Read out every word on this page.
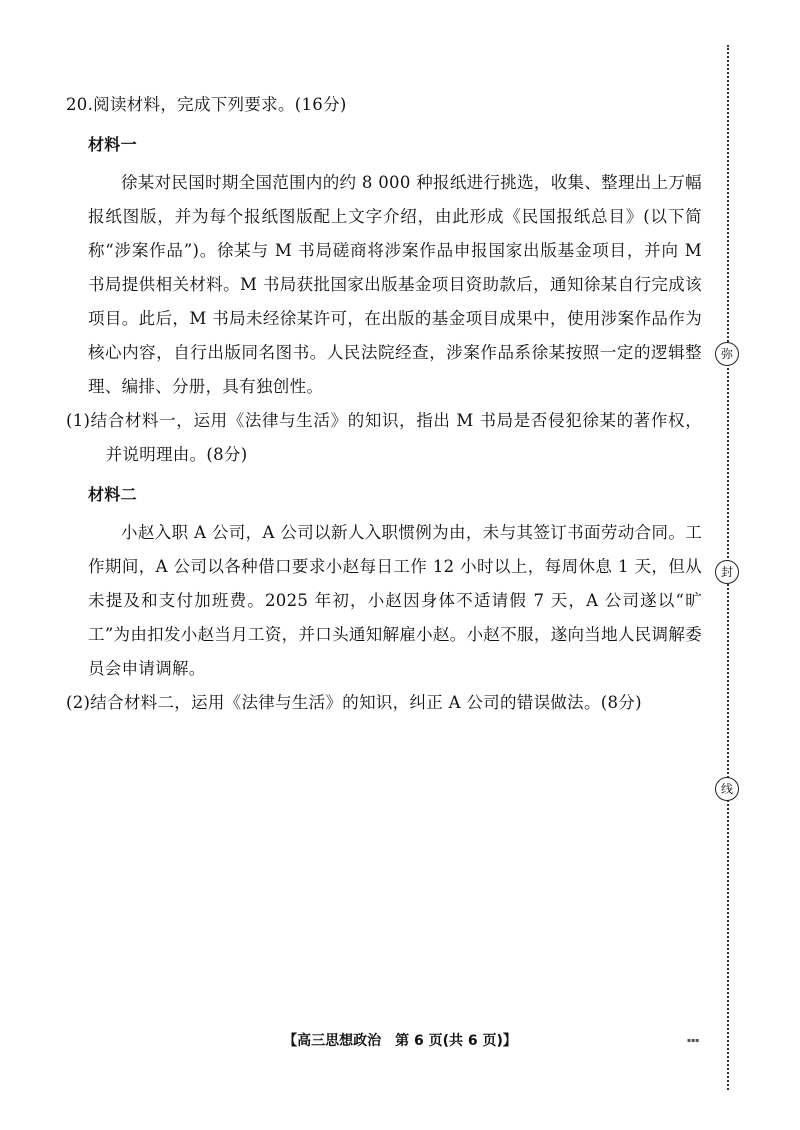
20.阅读材料，完成下列要求。(16分)

材料一

徐某对民国时期全国范围内的约 8 000 种报纸进行挑选，收集、整理出上万幅报纸图版，并为每个报纸图版配上文字介绍，由此形成《民国报纸总目》(以下简称“涉案作品”)。徐某与 M 书局磋商将涉案作品申报国家出版基金项目，并向 M 书局提供相关材料。M 书局获批国家出版基金项目资助款后，通知徐某自行完成该项目。此后，M 书局未经徐某许可，在出版的基金项目成果中，使用涉案作品作为核心内容，自行出版同名图书。人民法院经查，涉案作品系徐某按照一定的逻辑整理、编排、分册，具有独创性。

(1)结合材料一，运用《法律与生活》的知识，指出 M 书局是否侵犯徐某的著作权，并说明理由。(8分)

材料二

小赵入职 A 公司，A 公司以新人入职惯例为由，未与其签订书面劳动合同。工作期间，A 公司以各种借口要求小赵每日工作 12 小时以上，每周休息 1 天，但从未提及和支付加班费。2025 年初，小赵因身体不适请假 7 天，A 公司遂以“旷工”为由扣发小赵当月工资，并口头通知解雇小赵。小赵不服，遂向当地人民调解委员会申请调解。

(2)结合材料二，运用《法律与生活》的知识，纠正 A 公司的错误做法。(8分)

弥
封
线
▪▪▪
【高三思想政治　第 6 页(共 6 页)】
